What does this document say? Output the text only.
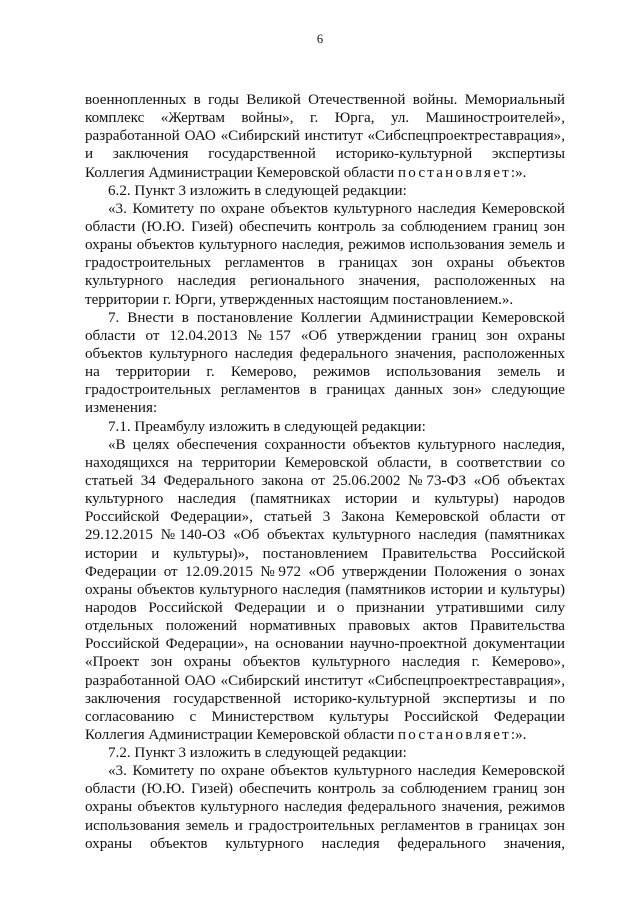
6
военнопленных в годы Великой Отечественной войны. Мемориальный
комплекс «Жертвам войны», г. Юрга, ул. Машиностроителей»,
разработанной ОАО «Сибирский институт «Сибспецпроектреставрация»,
и заключения государственной историко-культурной экспертизы
Коллегия Администрации Кемеровской области постановляет:».
6.2. Пункт 3 изложить в следующей редакции:
«3. Комитету по охране объектов культурного наследия Кемеровской
области (Ю.Ю. Гизей) обеспечить контроль за соблюдением границ зон
охраны объектов культурного наследия, режимов использования земель и
градостроительных регламентов в границах зон охраны объектов
культурного наследия регионального значения, расположенных на
территории г. Юрги, утвержденных настоящим постановлением.».
7. Внести в постановление Коллегии Администрации Кемеровской
области от 12.04.2013 №157 «Об утверждении границ зон охраны
объектов культурного наследия федерального значения, расположенных
на территории г. Кемерово, режимов использования земель и
градостроительных регламентов в границах данных зон» следующие
изменения:
7.1. Преамбулу изложить в следующей редакции:
«В целях обеспечения сохранности объектов культурного наследия,
находящихся на территории Кемеровской области, в соответствии со
статьей 34 Федерального закона от 25.06.2002 №73-ФЗ «Об объектах
культурного наследия (памятниках истории и культуры) народов
Российской Федерации», статьей 3 Закона Кемеровской области от
29.12.2015 №140-ОЗ «Об объектах культурного наследия (памятниках
истории и культуры)», постановлением Правительства Российской
Федерации от 12.09.2015 №972 «Об утверждении Положения о зонах
охраны объектов культурного наследия (памятников истории и культуры)
народов Российской Федерации и о признании утратившими силу
отдельных положений нормативных правовых актов Правительства
Российской Федерации», на основании научно-проектной документации
«Проект зон охраны объектов культурного наследия г. Кемерово»,
разработанной ОАО «Сибирский институт «Сибспецпроектреставрация»,
заключения государственной историко-культурной экспертизы и по
согласованию с Министерством культуры Российской Федерации
Коллегия Администрации Кемеровской области постановляет:».
7.2. Пункт 3 изложить в следующей редакции:
«3. Комитету по охране объектов культурного наследия Кемеровской
области (Ю.Ю. Гизей) обеспечить контроль за соблюдением границ зон
охраны объектов культурного наследия федерального значения, режимов
использования земель и градостроительных регламентов в границах зон
охраны объектов культурного наследия федерального значения,
